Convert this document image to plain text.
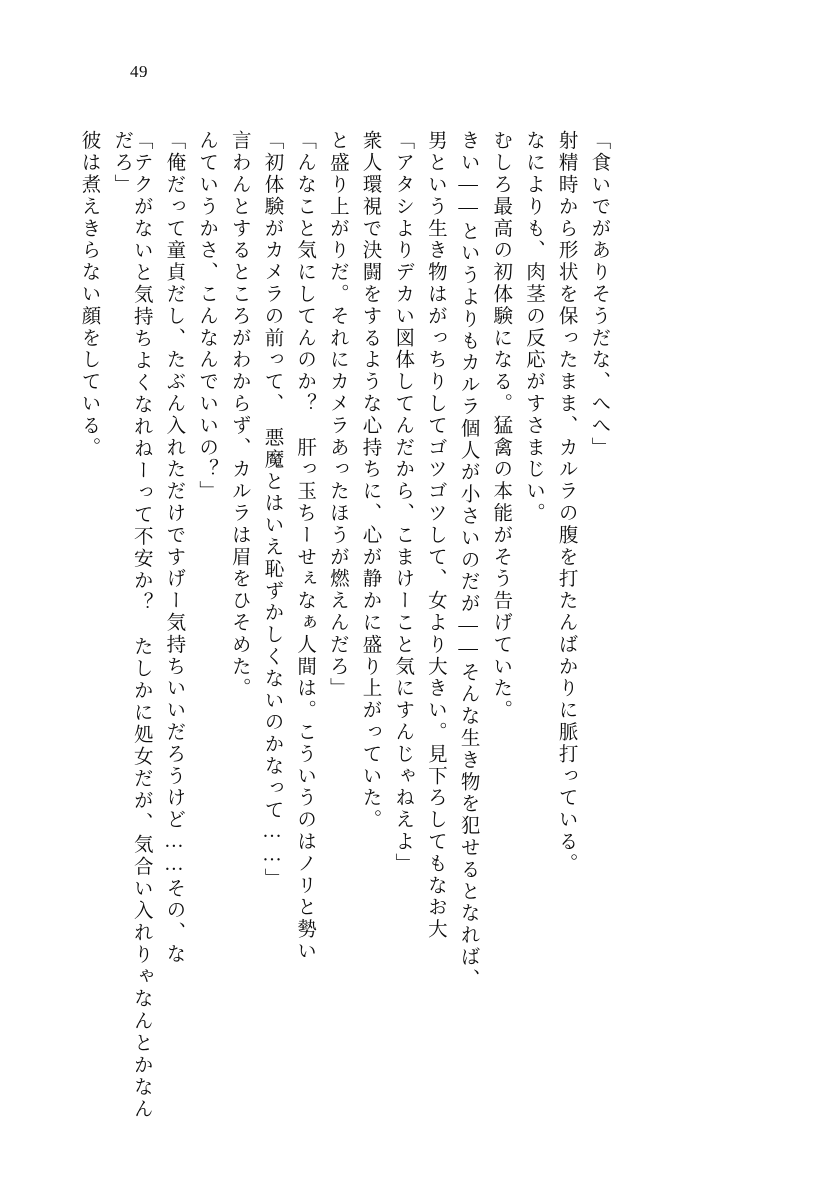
49
彼は煮えきらない顔をしている。	「テクがないと気持ちよくなれねーって不安か？　たしかに処女だが、気合い入れりゃなんとかなんだろ」	「俺だって童貞だし、たぶん入れただけですげー気持ちいいだろうけど……その、な んていうかさ、こんなんでいいの？」 言わんとするところがわからず、カルラは眉をひそめた。 「初体験がカメラの前って、　悪魔とはいえ恥ずかしくないのかなって……」 「んなこと気にしてんのか？　肝っ玉ちーせぇなぁ人間は。こういうのはノリと勢い と盛り上がりだ。それにカメラあったほうが燃えんだろ」 衆人環視で決闘をするような心持ちに、心が静かに盛り上がっていた。 「アタシよりデカい図体してんだから、こまけーこと気にすんじゃねえよ」 男という生き物はがっちりしてゴツゴツして、女より大きい。見下ろしてもなお大 きい――というよりもカルラ個人が小さいのだが――そんな生き物を犯せるとなれば、 むしろ最高の初体験になる。猛禽の本能がそう告げていた。 なによりも、肉茎の反応がすさまじい。 射精時から形状を保ったまま、カルラの腹を打たんばかりに脈打っている。 「食いでがありそうだな、へへ」
